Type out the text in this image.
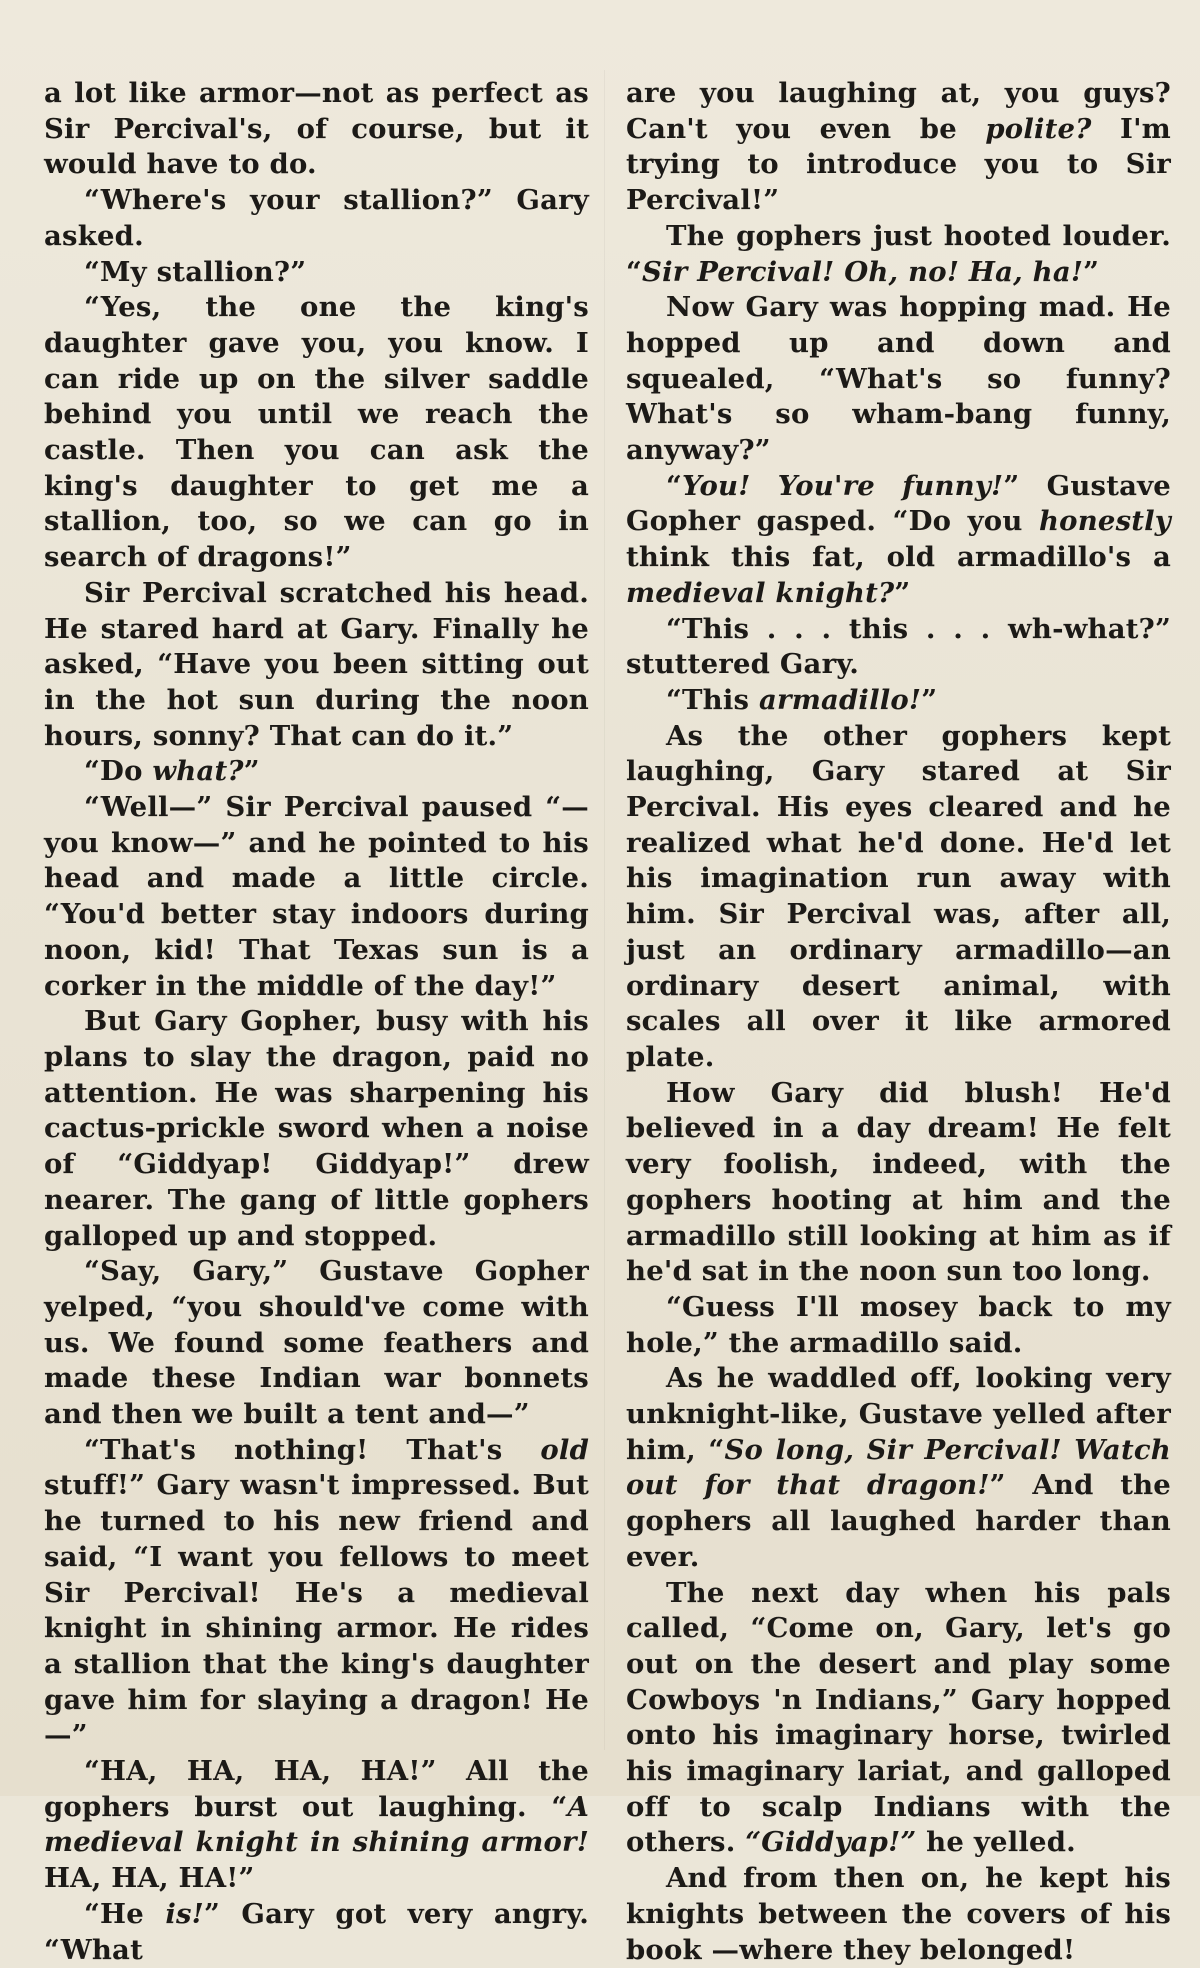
a lot like armor—not as perfect as Sir Percival's, of course, but it would have to do.

“Where's your stallion?” Gary asked.

“My stallion?”

“Yes, the one the king's daughter gave you, you know. I can ride up on the silver saddle behind you until we reach the castle. Then you can ask the king's daughter to get me a stallion, too, so we can go in search of dragons!”

Sir Percival scratched his head. He stared hard at Gary. Finally he asked, “Have you been sitting out in the hot sun during the noon hours, sonny? That can do it.”

“Do what?”

“Well—” Sir Percival paused “—you know—” and he pointed to his head and made a little circle. “You'd better stay indoors during noon, kid! That Texas sun is a corker in the middle of the day!”

But Gary Gopher, busy with his plans to slay the dragon, paid no attention. He was sharpening his cactus-prickle sword when a noise of “Giddyap! Giddyap!” drew nearer. The gang of little gophers galloped up and stopped.

“Say, Gary,” Gustave Gopher yelped, “you should've come with us. We found some feathers and made these Indian war bonnets and then we built a tent and—”

“That's nothing! That's old stuff!” Gary wasn't impressed. But he turned to his new friend and said, “I want you fellows to meet Sir Percival! He's a medieval knight in shining armor. He rides a stallion that the king's daughter gave him for slaying a dragon! He—”

“HA, HA, HA, HA!” All the gophers burst out laughing. “A medieval knight in shining armor! HA, HA, HA!”

“He is!” Gary got very angry. “What

are you laughing at, you guys? Can't you even be polite? I'm trying to introduce you to Sir Percival!”

The gophers just hooted louder. “Sir Percival! Oh, no! Ha, ha!”

Now Gary was hopping mad. He hopped up and down and squealed, “What's so funny? What's so wham-bang funny, anyway?”

“You! You're funny!” Gustave Gopher gasped. “Do you honestly think this fat, old armadillo's a medieval knight?”

“This . . . this . . . wh-what?” stuttered Gary.

“This armadillo!”

As the other gophers kept laughing, Gary stared at Sir Percival. His eyes cleared and he realized what he'd done. He'd let his imagination run away with him. Sir Percival was, after all, just an ordinary armadillo—an ordinary desert animal, with scales all over it like armored plate.

How Gary did blush! He'd believed in a day dream! He felt very foolish, indeed, with the gophers hooting at him and the armadillo still looking at him as if he'd sat in the noon sun too long.

“Guess I'll mosey back to my hole,” the armadillo said.

As he waddled off, looking very unknight-like, Gustave yelled after him, “So long, Sir Percival! Watch out for that dragon!” And the gophers all laughed harder than ever.

The next day when his pals called, “Come on, Gary, let's go out on the desert and play some Cowboys 'n Indians,” Gary hopped onto his imaginary horse, twirled his imaginary lariat, and galloped off to scalp Indians with the others. “Giddyap!” he yelled.

And from then on, he kept his knights between the covers of his book —where they belonged!
